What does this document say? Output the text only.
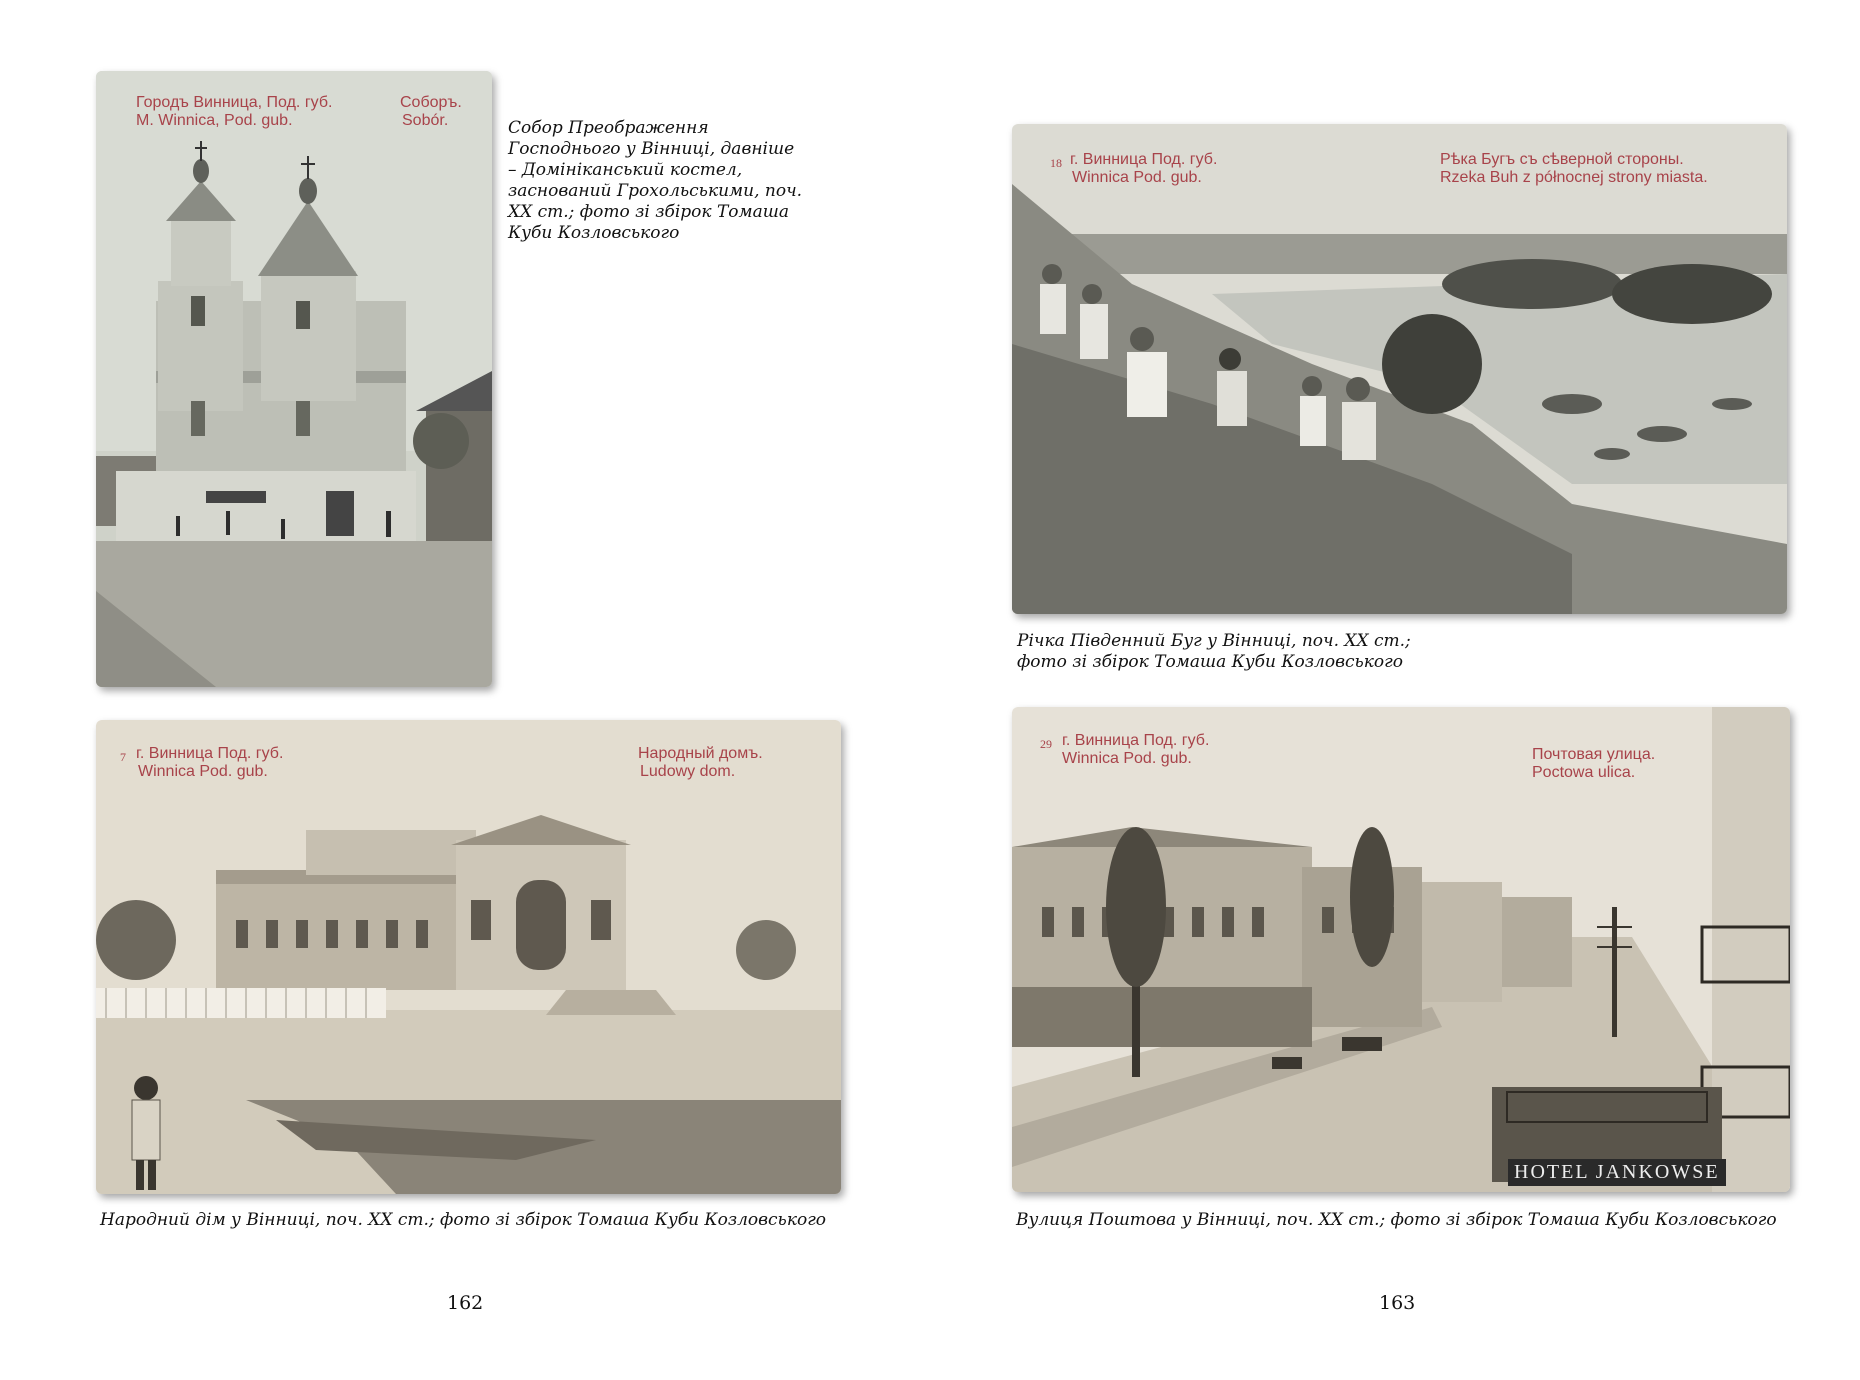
Городъ Винница, Под. губ.
M. Winnica, Pod. gub.
Соборъ.
Sobór.	Собор Преображення
Господнього у Вінниці, давніше
– Домініканський костел,
заснований Грохольськими, поч.
XX ст.; фото зі збірок Томаша
Куби Козловського
7 г. Винница Под. губ.
Winnica Pod. gub.
Народный домъ.
Ludowy dom.
Народний дім у Вінниці, поч. XX ст.; фото зі збірок Томаша Куби Козловського
162
18 г. Винница Под. губ.
Winnica Pod. gub.
Рѣка Бугъ съ сѣверной стороны.
Rzeka Buh z północnej strony miasta.
Річка Південний Буг у Вінниці, поч. XX ст.;
фото зі збірок Томаша Куби Козловського
29 г. Винница Под. губ.
Winnica Pod. gub.	Почтовая улица.
Poctowa ulica.
HOTEL JANKOWSE
Вулиця Поштова у Вінниці, поч. XX ст.; фото зі збірок Томаша Куби Козловського
163
